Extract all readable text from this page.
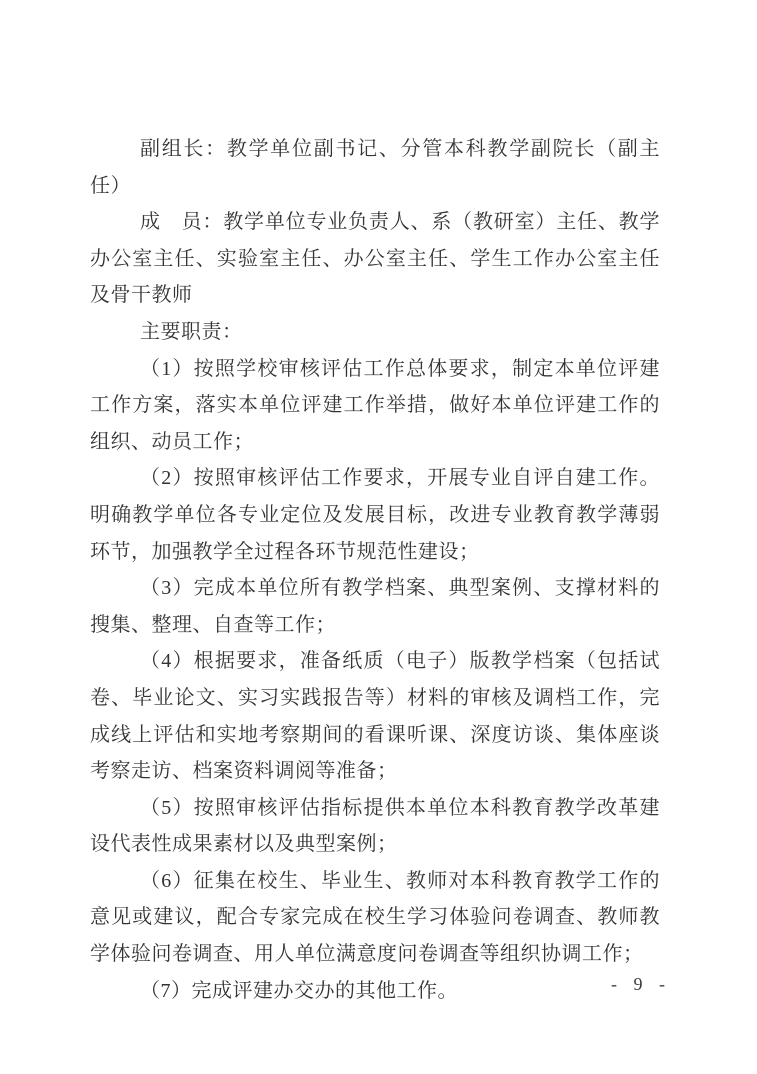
副组长：教学单位副书记、分管本科教学副院长（副主任）

成　员：教学单位专业负责人、系（教研室）主任、教学办公室主任、实验室主任、办公室主任、学生工作办公室主任及骨干教师

主要职责：

（1）按照学校审核评估工作总体要求，制定本单位评建工作方案，落实本单位评建工作举措，做好本单位评建工作的组织、动员工作；

（2）按照审核评估工作要求，开展专业自评自建工作。明确教学单位各专业定位及发展目标，改进专业教育教学薄弱环节，加强教学全过程各环节规范性建设；

（3）完成本单位所有教学档案、典型案例、支撑材料的搜集、整理、自查等工作；

（4）根据要求，准备纸质（电子）版教学档案（包括试卷、毕业论文、实习实践报告等）材料的审核及调档工作，完成线上评估和实地考察期间的看课听课、深度访谈、集体座谈考察走访、档案资料调阅等准备；

（5）按照审核评估指标提供本单位本科教育教学改革建设代表性成果素材以及典型案例；

（6）征集在校生、毕业生、教师对本科教育教学工作的意见或建议，配合专家完成在校生学习体验问卷调查、教师教学体验问卷调查、用人单位满意度问卷调查等组织协调工作；

（7）完成评建办交办的其他工作。	- 9 -
